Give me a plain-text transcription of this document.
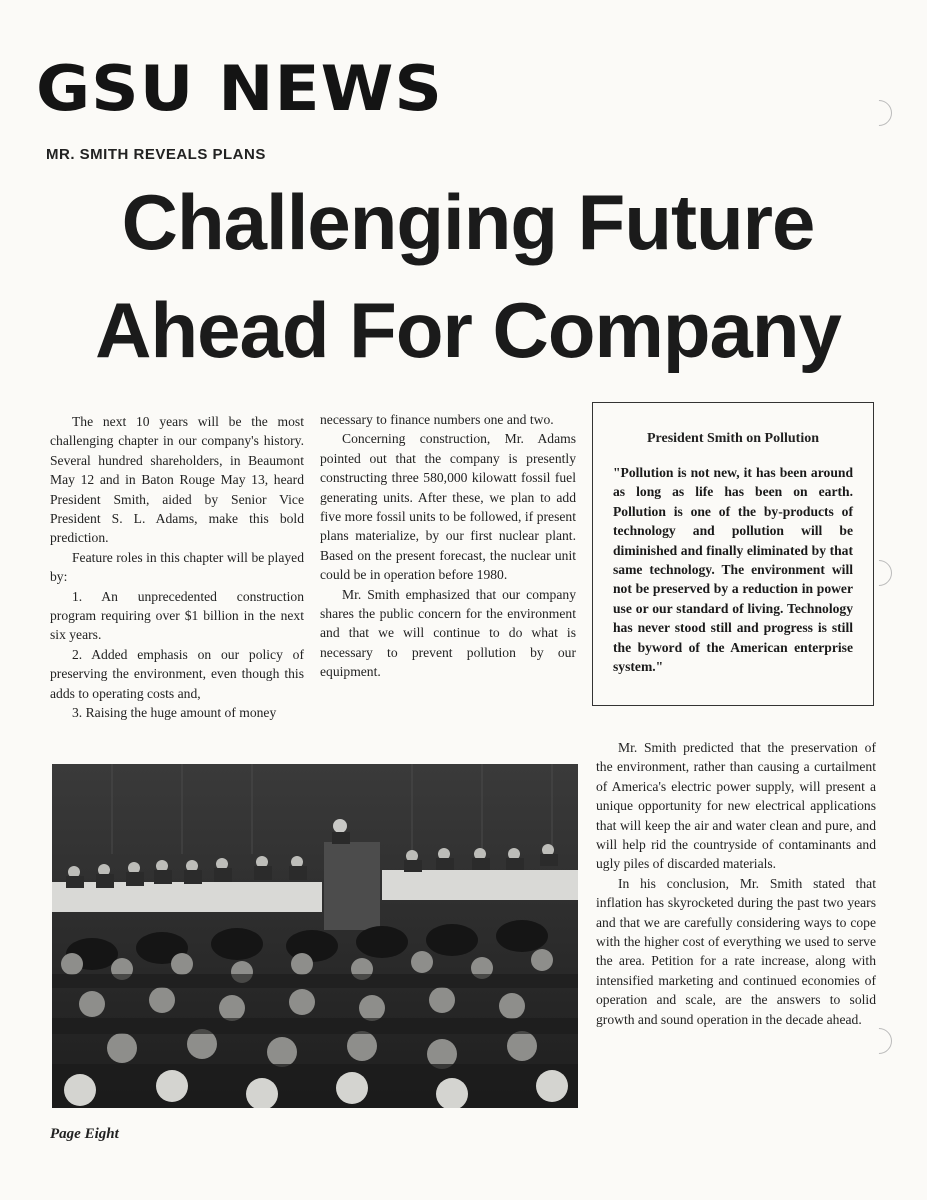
GSU NEWS
MR. SMITH REVEALS PLANS
Challenging Future
Ahead For Company

The next 10 years will be the most challenging chapter in our company's history. Several hundred shareholders, in Beaumont May 12 and in Baton Rouge May 13, heard President Smith, aided by Senior Vice President S. L. Adams, make this bold prediction.

Feature roles in this chapter will be played by:

1. An unprecedented construction program requiring over $1 billion in the next six years.

2. Added emphasis on our policy of preserving the environment, even though this adds to operating costs and,

3. Raising the huge amount of money

necessary to finance numbers one and two.

Concerning construction, Mr. Adams pointed out that the company is presently constructing three 580,000 kilowatt fossil fuel generating units. After these, we plan to add five more fossil units to be followed, if present plans materialize, by our first nuclear plant. Based on the present forecast, the nuclear unit could be in operation before 1980.

Mr. Smith emphasized that our company shares the public concern for the environment and that we will continue to do what is necessary to prevent pollution by our equipment.

President Smith on Pollution
"Pollution is not new, it has been around as long as life has been on earth. Pollution is one of the by-products of technology and pollution will be diminished and finally eliminated by that same technology. The environment will not be preserved by a reduction in power use or our standard of living. Technology has never stood still and progress is still the byword of the American enterprise system."

Mr. Smith predicted that the preservation of the environment, rather than causing a curtailment of America's electric power supply, will present a unique opportunity for new electrical applications that will keep the air and water clean and pure, and will help rid the countryside of contaminants and ugly piles of discarded materials.

In his conclusion, Mr. Smith stated that inflation has skyrocketed during the past two years and that we are carefully considering ways to cope with the higher cost of everything we used to serve the area. Petition for a rate increase, along with intensified marketing and continued economies of operation and scale, are the answers to solid growth and sound operation in the decade ahead.

Page Eight
